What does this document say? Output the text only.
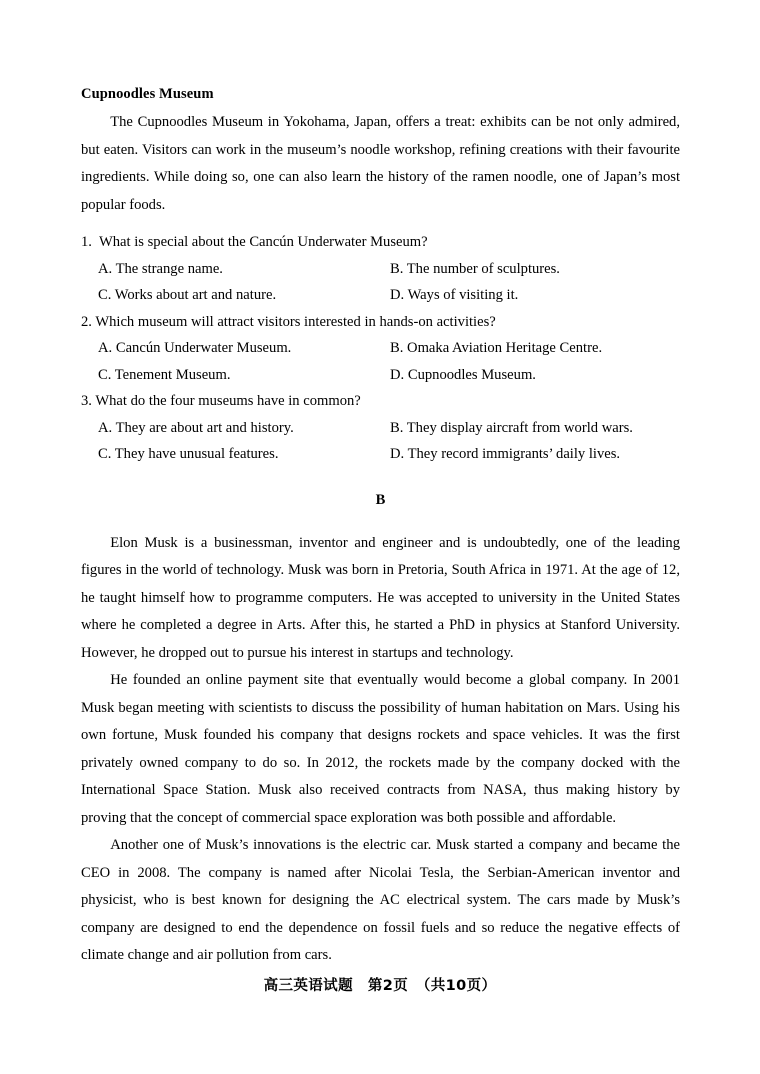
Cupnoodles Museum

The Cupnoodles Museum in Yokohama, Japan, offers a treat: exhibits can be not only admired, but eaten. Visitors can work in the museum’s noodle workshop, refining creations with their favourite ingredients. While doing so, one can also learn the history of the ramen noodle, one of Japan’s most popular foods.

1.  What is special about the Cancún Underwater Museum?

A. The strange name.	B. The number of sculptures.
C. Works about art and nature.	D. Ways of visiting it.

2. Which museum will attract visitors interested in hands-on activities?

A. Cancún Underwater Museum.	B. Omaka Aviation Heritage Centre.
C. Tenement Museum.	D. Cupnoodles Museum.

3. What do the four museums have in common?

A. They are about art and history.	B. They display aircraft from world wars.
C. They have unusual features.	D. They record immigrants’ daily lives.

B

Elon Musk is a businessman, inventor and engineer and is undoubtedly, one of the leading figures in the world of technology. Musk was born in Pretoria, South Africa in 1971. At the age of 12, he taught himself how to programme computers. He was accepted to university in the United States where he completed a degree in Arts. After this, he started a PhD in physics at Stanford University. However, he dropped out to pursue his interest in startups and technology.

He founded an online payment site that eventually would become a global company. In 2001 Musk began meeting with scientists to discuss the possibility of human habitation on Mars. Using his own fortune, Musk founded his company that designs rockets and space vehicles. It was the first privately owned company to do so. In 2012, the rockets made by the company docked with the International Space Station. Musk also received contracts from NASA, thus making history by proving that the concept of commercial space exploration was both possible and affordable.

Another one of Musk’s innovations is the electric car. Musk started a company and became the CEO in 2008. The company is named after Nicolai Tesla, the Serbian-American inventor and physicist, who is best known for designing the AC electrical system. The cars made by Musk’s company are designed to end the dependence on fossil fuels and so reduce the negative effects of climate change and air pollution from cars.

高三英语试题　第2页　（共10页）
